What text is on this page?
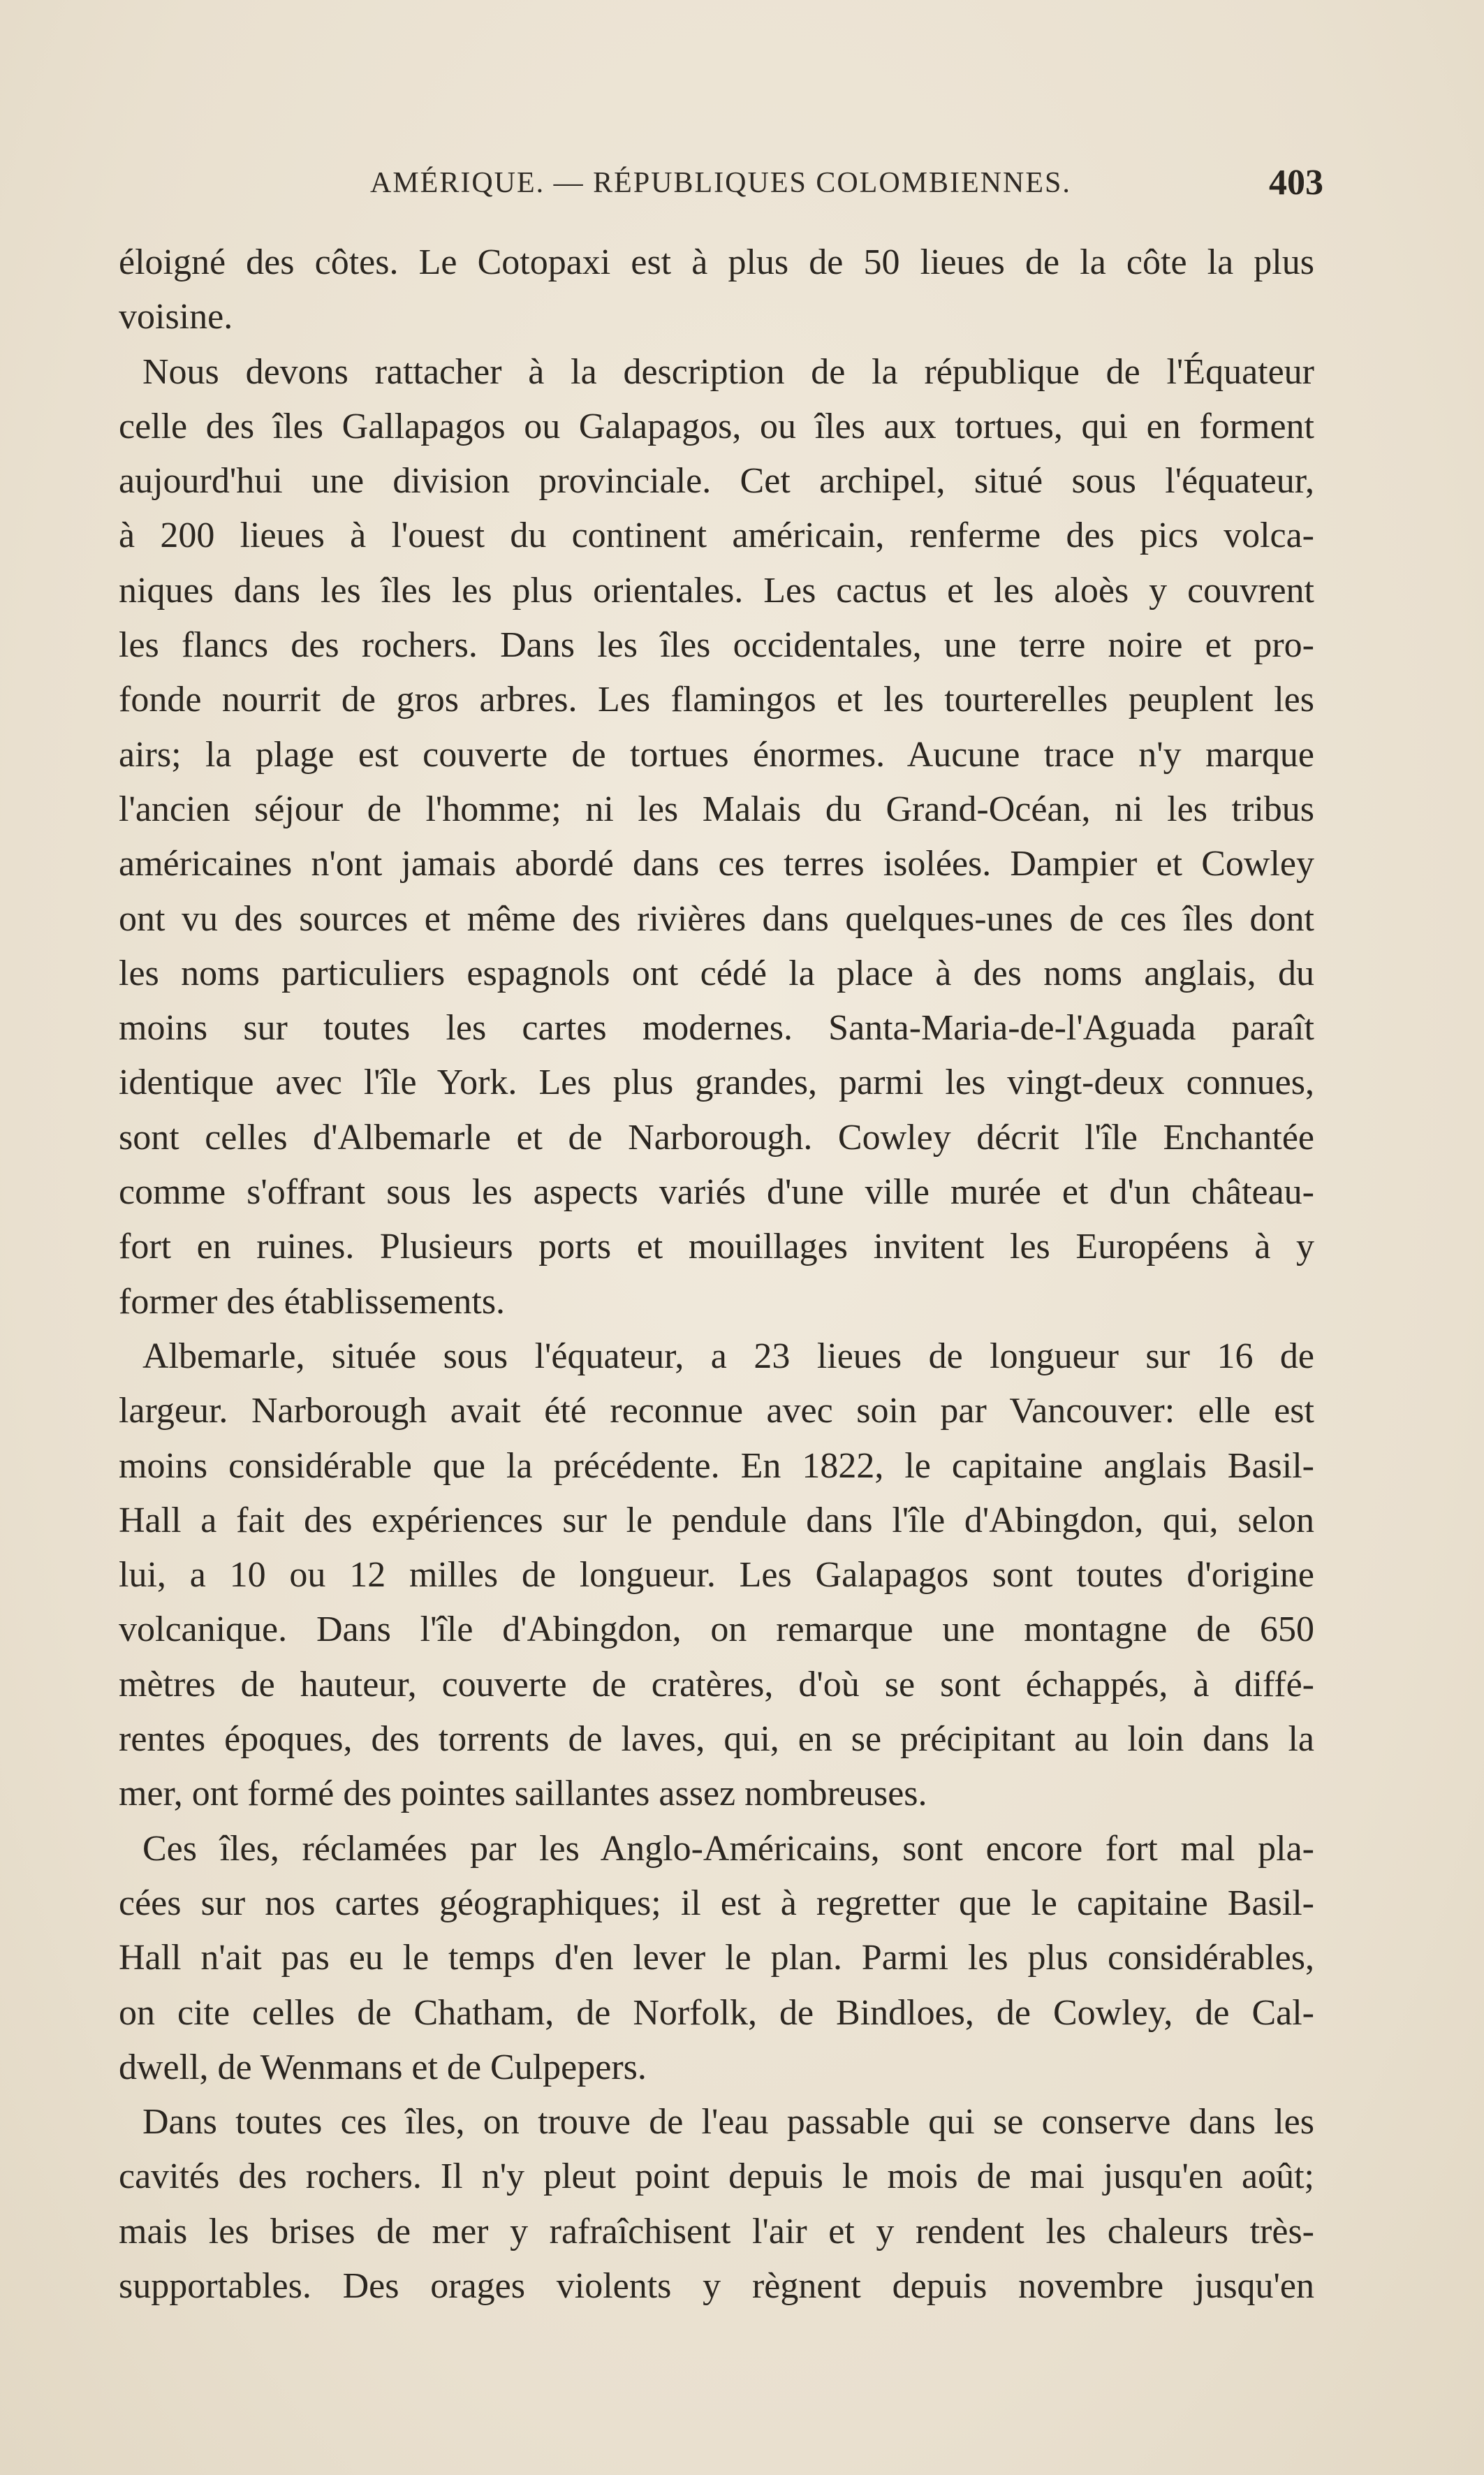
AMÉRIQUE. — RÉPUBLIQUES COLOMBIENNES.	403
éloigné des côtes. Le Cotopaxi est à plus de 50 lieues de la côte la plus
voisine.
Nous devons rattacher à la description de la république de l'Équateur
celle des îles Gallapagos ou Galapagos, ou îles aux tortues, qui en forment
aujourd'hui une division provinciale. Cet archipel, situé sous l'équateur,
à 200 lieues à l'ouest du continent américain, renferme des pics volca-
niques dans les îles les plus orientales. Les cactus et les aloès y couvrent
les flancs des rochers. Dans les îles occidentales, une terre noire et pro-
fonde nourrit de gros arbres. Les flamingos et les tourterelles peuplent les
airs; la plage est couverte de tortues énormes. Aucune trace n'y marque
l'ancien séjour de l'homme; ni les Malais du Grand-Océan, ni les tribus
américaines n'ont jamais abordé dans ces terres isolées. Dampier et Cowley
ont vu des sources et même des rivières dans quelques-unes de ces îles dont
les noms particuliers espagnols ont cédé la place à des noms anglais, du
moins sur toutes les cartes modernes. Santa-Maria-de-l'Aguada paraît
identique avec l'île York. Les plus grandes, parmi les vingt-deux connues,
sont celles d'Albemarle et de Narborough. Cowley décrit l'île Enchantée
comme s'offrant sous les aspects variés d'une ville murée et d'un château-
fort en ruines. Plusieurs ports et mouillages invitent les Européens à y
former des établissements.
Albemarle, située sous l'équateur, a 23 lieues de longueur sur 16 de
largeur. Narborough avait été reconnue avec soin par Vancouver: elle est
moins considérable que la précédente. En 1822, le capitaine anglais Basil-
Hall a fait des expériences sur le pendule dans l'île d'Abingdon, qui, selon
lui, a 10 ou 12 milles de longueur. Les Galapagos sont toutes d'origine
volcanique. Dans l'île d'Abingdon, on remarque une montagne de 650
mètres de hauteur, couverte de cratères, d'où se sont échappés, à diffé-
rentes époques, des torrents de laves, qui, en se précipitant au loin dans la
mer, ont formé des pointes saillantes assez nombreuses.
Ces îles, réclamées par les Anglo-Américains, sont encore fort mal pla-
cées sur nos cartes géographiques; il est à regretter que le capitaine Basil-
Hall n'ait pas eu le temps d'en lever le plan. Parmi les plus considérables,
on cite celles de Chatham, de Norfolk, de Bindloes, de Cowley, de Cal-
dwell, de Wenmans et de Culpepers.
Dans toutes ces îles, on trouve de l'eau passable qui se conserve dans les
cavités des rochers. Il n'y pleut point depuis le mois de mai jusqu'en août;
mais les brises de mer y rafraîchisent l'air et y rendent les chaleurs très-
supportables. Des orages violents y règnent depuis novembre jusqu'en
